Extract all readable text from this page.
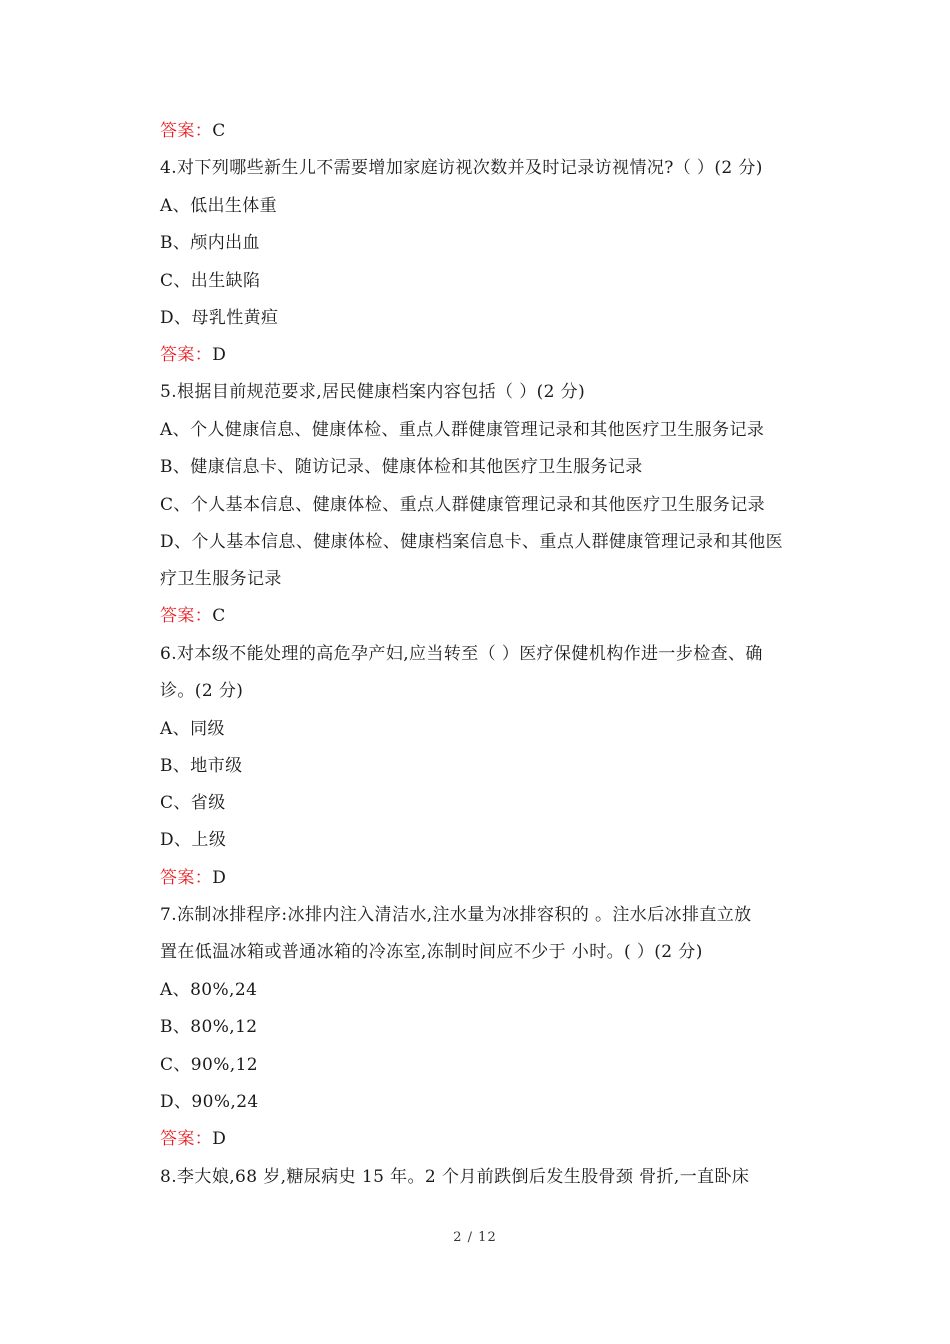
答案：C
4.对下列哪些新生儿不需要增加家庭访视次数并及时记录访视情况?（ ）(2 分)
A、低出生体重
B、颅内出血
C、出生缺陷
D、母乳性黄疸
答案：D
5.根据目前规范要求,居民健康档案内容包括（ ）(2 分)
A、个人健康信息、健康体检、重点人群健康管理记录和其他医疗卫生服务记录
B、健康信息卡、随访记录、健康体检和其他医疗卫生服务记录
C、个人基本信息、健康体检、重点人群健康管理记录和其他医疗卫生服务记录
D、个人基本信息、健康体检、健康档案信息卡、重点人群健康管理记录和其他医
疗卫生服务记录
答案：C
6.对本级不能处理的高危孕产妇,应当转至（ ）医疗保健机构作进一步检查、确
诊。(2 分)
A、同级
B、地市级
C、省级
D、上级
答案：D
7.冻制冰排程序:冰排内注入清洁水,注水量为冰排容积的 。注水后冰排直立放
置在低温冰箱或普通冰箱的冷冻室,冻制时间应不少于 小时。( ）(2 分)
A、80%,24
B、80%,12
C、90%,12
D、90%,24
答案：D
8.李大娘,68 岁,糖尿病史 15 年。2 个月前跌倒后发生股骨颈 骨折,一直卧床
2 / 12
